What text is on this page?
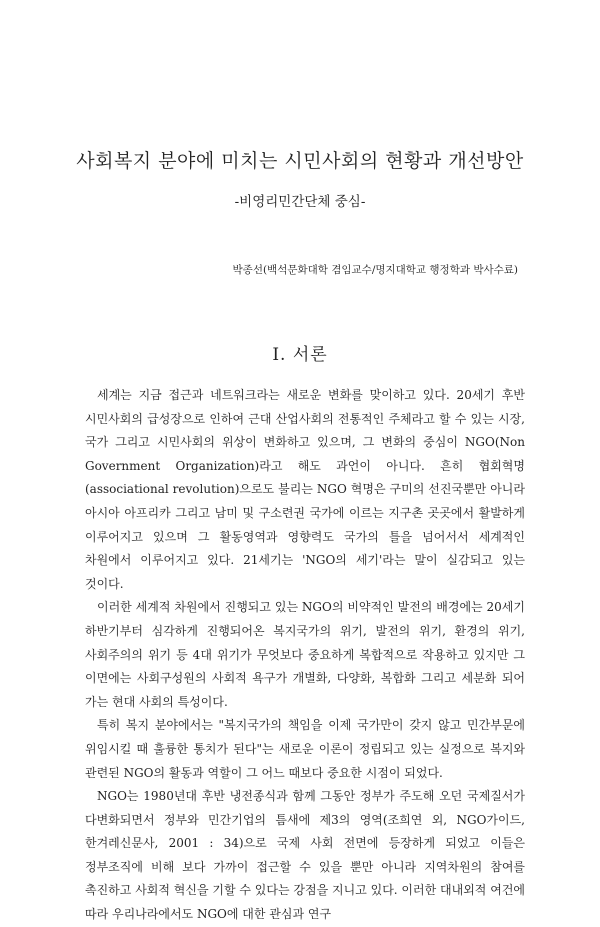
사회복지 분야에 미치는 시민사회의 현황과 개선방안

-비영리민간단체 중심-

박종선(백석문화대학 겸임교수/명지대학교 행정학과 박사수료)

Ⅰ. 서론

세계는 지금 접근과 네트워크라는 새로운 변화를 맞이하고 있다. 20세기 후반 시민사회의 급성장으로 인하여 근대 산업사회의 전통적인 주체라고 할 수 있는 시장, 국가 그리고 시민사회의 위상이 변화하고 있으며, 그 변화의 중심이 NGO(Non Government Organization)라고 해도 과언이 아니다. 흔히 협회혁명(associational revolution)으로도 불리는 NGO 혁명은 구미의 선진국뿐만 아니라 아시아 아프리카 그리고 남미 및 구소련권 국가에 이르는 지구촌 곳곳에서 활발하게 이루어지고 있으며 그 활동영역과 영향력도 국가의 틀을 넘어서서 세계적인 차원에서 이루어지고 있다. 21세기는 'NGO의 세기'라는 말이 실감되고 있는 것이다.

이러한 세계적 차원에서 진행되고 있는 NGO의 비약적인 발전의 배경에는 20세기 하반기부터 심각하게 진행되어온 복지국가의 위기, 발전의 위기, 환경의 위기, 사회주의의 위기 등 4대 위기가 무엇보다 중요하게 복합적으로 작용하고 있지만 그 이면에는 사회구성원의 사회적 욕구가 개별화, 다양화, 복합화 그리고 세분화 되어 가는 현대 사회의 특성이다.

특히 복지 분야에서는 "복지국가의 책임을 이제 국가만이 갖지 않고 민간부문에 위임시킬 때 훌륭한 통치가 된다"는 새로운 이론이 정립되고 있는 실정으로 복지와 관련된 NGO의 활동과 역할이 그 어느 때보다 중요한 시점이 되었다.

NGO는 1980년대 후반 냉전종식과 함께 그동안 정부가 주도해 오던 국제질서가 다변화되면서 정부와 민간기업의 틈새에 제3의 영역(조희연 외, NGO가이드, 한겨레신문사, 2001 : 34)으로 국제 사회 전면에 등장하게 되었고 이들은 정부조직에 비해 보다 가까이 접근할 수 있을 뿐만 아니라 지역차원의 참여를 촉진하고 사회적 혁신을 기할 수 있다는 강점을 지니고 있다. 이러한 대내외적 여건에 따라 우리나라에서도 NGO에 대한 관심과 연구
